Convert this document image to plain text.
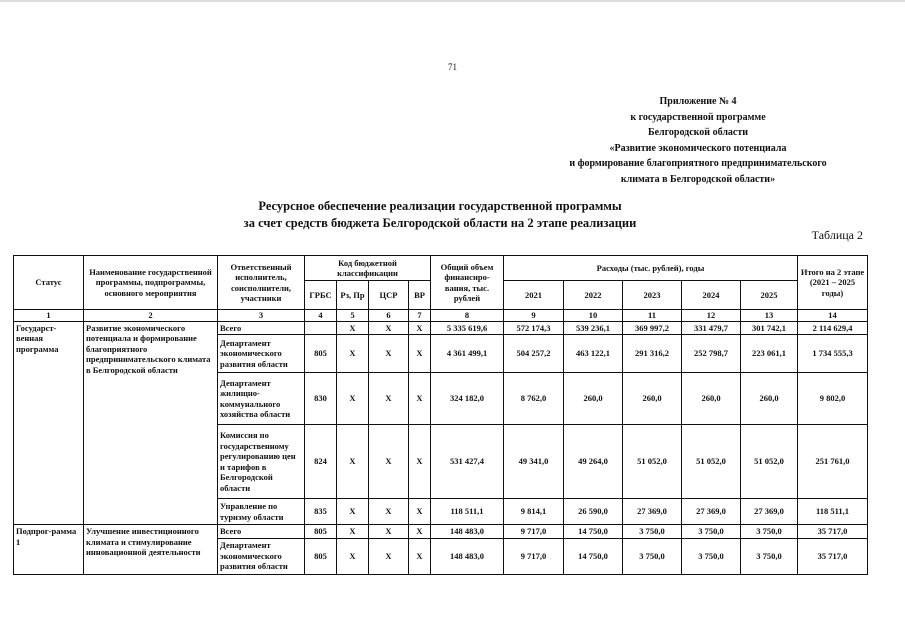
71
Приложение № 4
к государственной программе
Белгородской области
«Развитие экономического потенциала
и формирование благоприятного предпринимательского
климата в Белгородской области»
Ресурсное обеспечение реализации государственной программы
за счет средств бюджета Белгородской области на 2 этапе реализации
Таблица 2
Статус	Наименование государственной программы, подпрограммы, основного мероприятия	Ответственный исполнитель, соисполнители, участники	Код бюджетной классификации				Общий объем финансиро-вания, тыс. рублей	Расходы (тыс. рублей), годы					Итого на 2 этапе (2021 – 2025 годы)
			ГРБС	Рз, Пр	ЦСР	ВР		2021	2022	2023	2024	2025	
1	2	3	4	5	6	7	8	9	10	11	12	13	14
Государст-венная программа	Развитие экономического потенциала и формирование благоприятного предпринимательского климата в Белгородской области	Всего		Х	Х	Х	5 335 619,6	572 174,3	539 236,1	369 997,2	331 479,7	301 742,1	2 114 629,4
		Департамент экономического развития области	805	Х	Х	Х	4 361 499,1	504 257,2	463 122,1	291 316,2	252 798,7	223 061,1	1 734 555,3
		Департамент жилищно-коммунального хозяйства области	830	Х	Х	Х	324 182,0	8 762,0	260,0	260,0	260,0	260,0	9 802,0
		Комиссия по государственному регулированию цен и тарифов в Белгородской области	824	Х	Х	Х	531 427,4	49 341,0	49 264,0	51 052,0	51 052,0	51 052,0	251 761,0
		Управление по туризму области	835	Х	Х	Х	118 511,1	9 814,1	26 590,0	27 369,0	27 369,0	27 369,0	118 511,1
Подпрог-рамма 1	Улучшение инвестиционного климата и стимулирование инновационной деятельности	Всего	805	Х	Х	Х	148 483,0	9 717,0	14 750,0	3 750,0	3 750,0	3 750,0	35 717,0
		Департамент экономического развития области	805	Х	Х	Х	148 483,0	9 717,0	14 750,0	3 750,0	3 750,0	3 750,0	35 717,0
